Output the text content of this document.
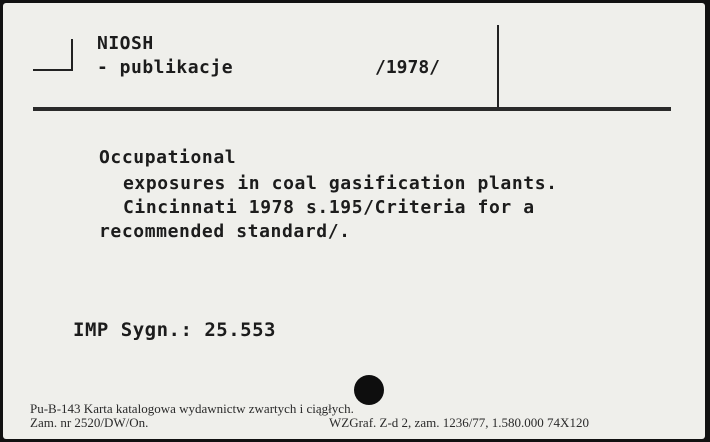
NIOSH
- publikacje	/1978/
Occupational
exposures in coal gasification plants.
Cincinnati 1978 s.195/Criteria for a
recommended standard/.
IMP Sygn.: 25.553
Pu-B-143 Karta katalogowa wydawnictw zwartych i ciągłych.
Zam. nr 2520/DW/On.	WZGraf. Z-d 2, zam. 1236/77, 1.580.000 74X120
